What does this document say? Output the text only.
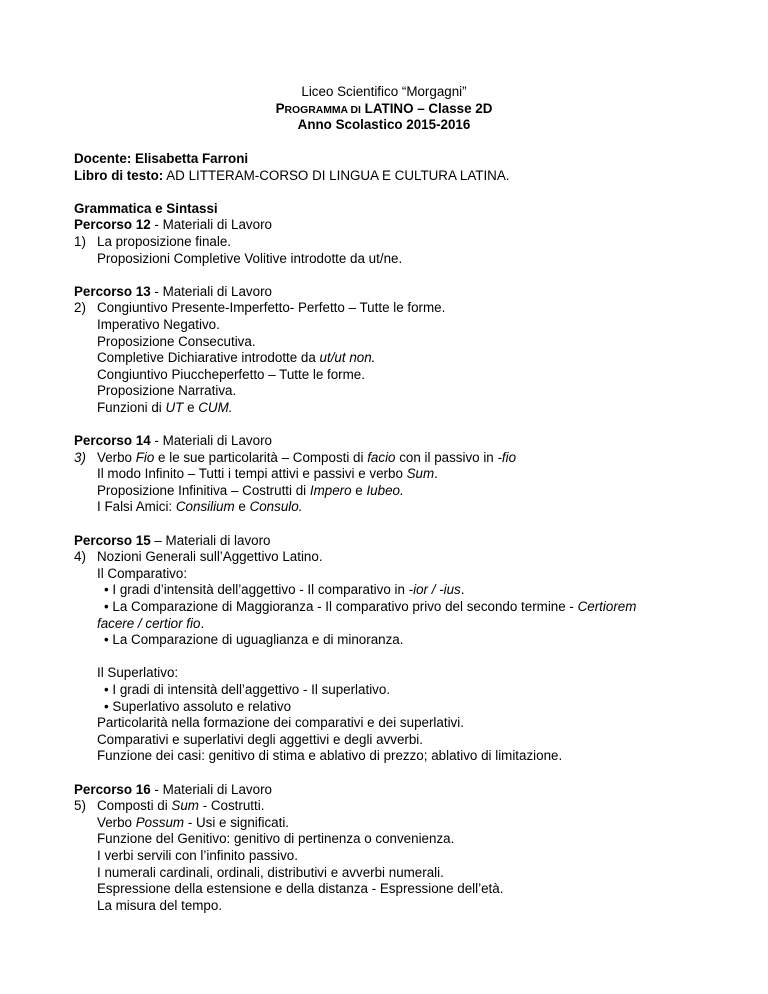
Liceo Scientifico “Morgagni”
PROGRAMMA DI LATINO – Classe 2D
Anno Scolastico 2015-2016
Docente: Elisabetta Farroni
Libro di testo: AD LITTERAM-CORSO DI LINGUA E CULTURA LATINA.
Grammatica e Sintassi
Percorso 12 - Materiali di Lavoro
1) La proposizione finale.
Proposizioni Completive Volitive introdotte da ut/ne.
Percorso 13 - Materiali di Lavoro
2) Congiuntivo Presente-Imperfetto- Perfetto – Tutte le forme.
Imperativo Negativo.
Proposizione Consecutiva.
Completive Dichiarative introdotte da ut/ut non.
Congiuntivo Piuccheperfetto – Tutte le forme.
Proposizione Narrativa.
Funzioni di UT e CUM.
Percorso 14 - Materiali di Lavoro
3) Verbo Fio e le sue particolarità – Composti di facio con il passivo in -fio
Il modo Infinito – Tutti i tempi attivi e passivi e verbo Sum.
Proposizione Infinitiva – Costrutti di Impero e Iubeo.
I Falsi Amici: Consilium e Consulo.
Percorso 15 – Materiali di lavoro
4) Nozioni Generali sull’Aggettivo Latino.
Il Comparativo:
• I gradi d’intensità dell’aggettivo - Il comparativo in -ior / -ius.
• La Comparazione di Maggioranza - Il comparativo privo del secondo termine - Certiorem
facere / certior fio.
• La Comparazione di uguaglianza e di minoranza.
Il Superlativo:
• I gradi di intensità dell’aggettivo - Il superlativo.
• Superlativo assoluto e relativo
Particolarità nella formazione dei comparativi e dei superlativi.
Comparativi e superlativi degli aggettivi e degli avverbi.
Funzione dei casi: genitivo di stima e ablativo di prezzo; ablativo di limitazione.
Percorso 16 - Materiali di Lavoro
5) Composti di Sum - Costrutti.
Verbo Possum - Usi e significati.
Funzione del Genitivo: genitivo di pertinenza o convenienza.
I verbi servili con l’infinito passivo.
I numerali cardinali, ordinali, distributivi e avverbi numerali.
Espressione della estensione e della distanza - Espressione dell’età.
La misura del tempo.
